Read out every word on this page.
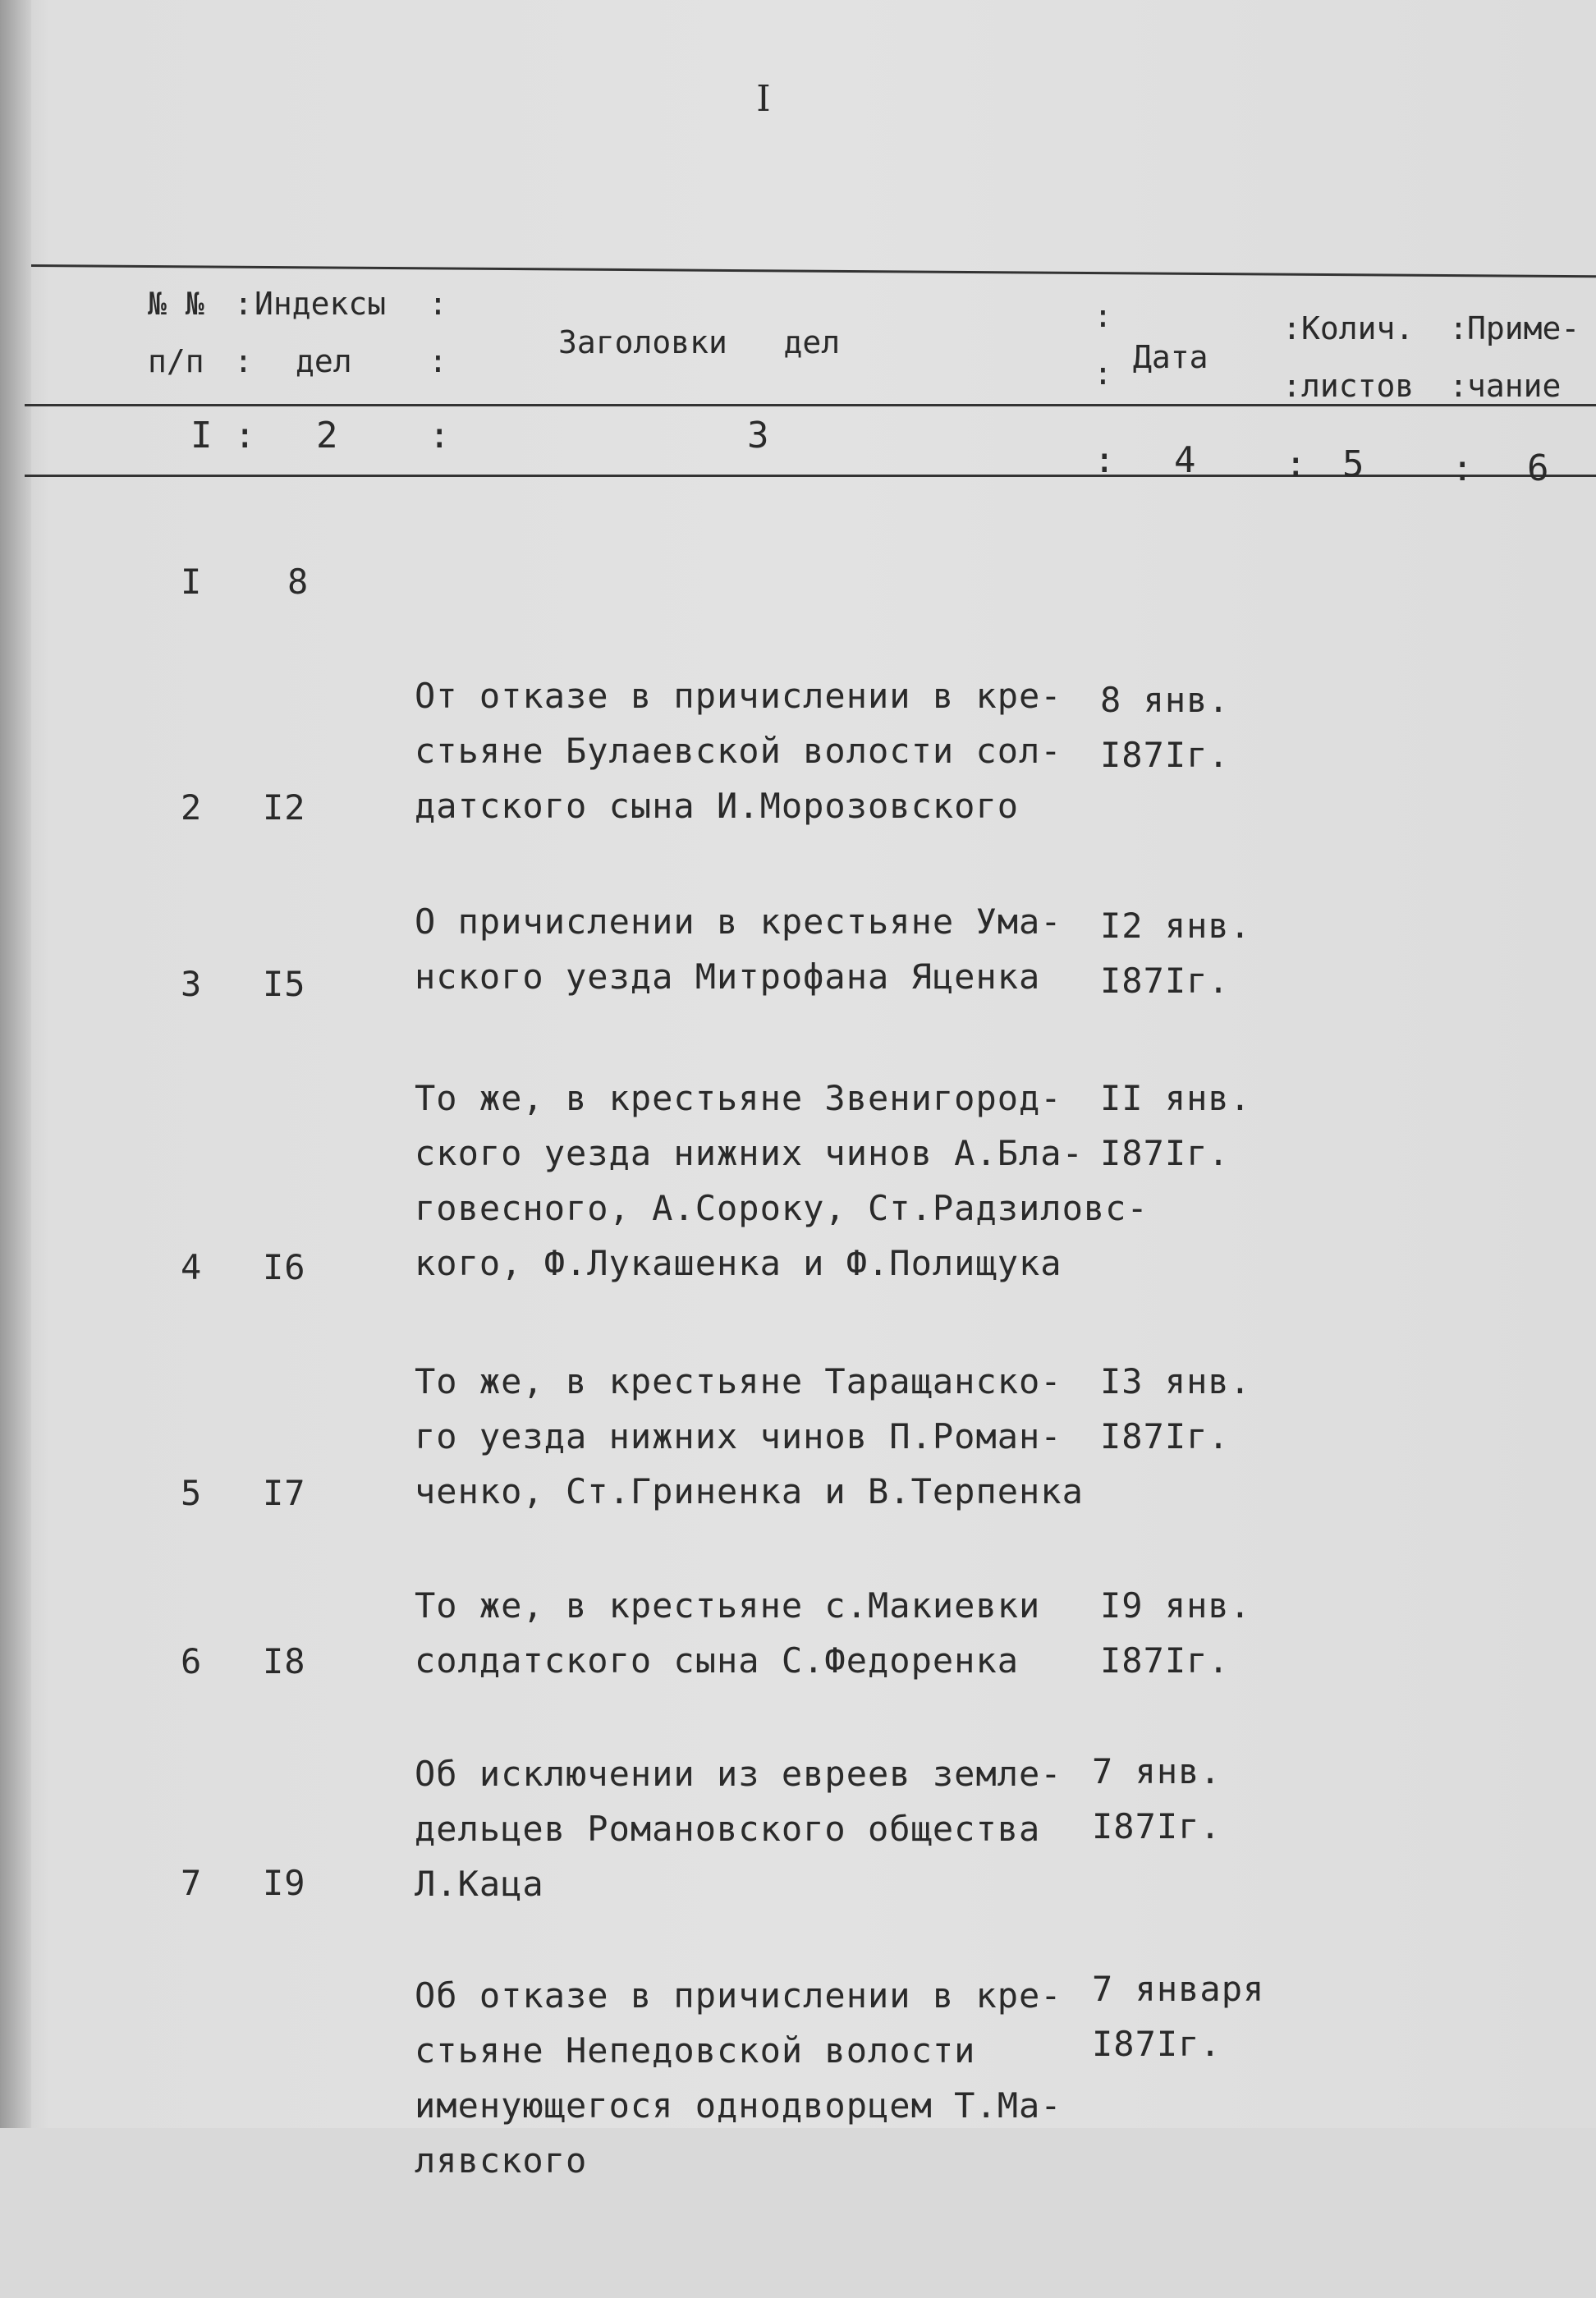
I
№ №
п/п
:
:
Индексы
дел
:
:
Заголовки   дел
:
: Дата
:
:
Колич.
листов
:
:
Приме-
чание
I : 2	:	3
: 4 : 5 : 6
I 8

От отказе в причислении в кре-
стьяне Булаевской волости сол-
датского сына И.Морозовского

8 янв.
I87Iг.

2 I2

О причислении в крестьяне Ума-
нского уезда Митрофана Яценка

I2 янв.
I87Iг.

3 I5

То же, в крестьяне Звенигород-
ского уезда нижних чинов А.Бла-
говесного, А.Сороку, Ст.Радзиловс-
кого, Ф.Лукашенка и Ф.Полищука

II янв.
I87Iг.

4 I6

То же, в крестьяне Таращанско-
го уезда нижних чинов П.Роман-
ченко, Ст.Гриненка и В.Терпенка

I3 янв.
I87Iг.

5 I7

То же, в крестьяне с.Макиевки
солдатского сына С.Федоренка

I9 янв.
I87Iг.

6 I8

Об исключении из евреев земле-
дельцев Романовского общества
Л.Каца

7 янв.
I87Iг.

7 I9

Об отказе в причислении в кре-
стьяне Непедовской волости
именующегося однодворцем Т.Ма-
лявского

7 января
I87Iг.
